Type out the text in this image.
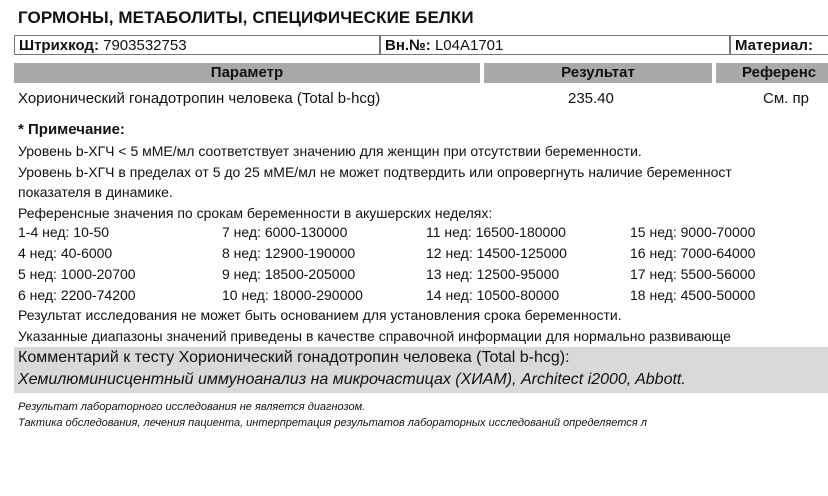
ГОРМОНЫ, МЕТАБОЛИТЫ, СПЕЦИФИЧЕСКИЕ БЕЛКИ
Штрихкод: 7903532753	Вн.№: L04A1701	Материал:
Параметр	Результат	Референс
Хорионический гонадотропин человека (Total b-hcg)	235.40	См. пр
* Примечание:
Уровень b-ХГЧ < 5 мМЕ/мл соответствует значению для женщин при отсутствии беременности.
Уровень b-ХГЧ в пределах от 5 до 25 мМЕ/мл не может подтвердить или опровергнуть наличие беременност
показателя в динамике.
Референсные значения по срокам беременности в акушерских неделях:
1-4 нед: 10-50	7 нед: 6000-130000	11 нед: 16500-180000	15 нед: 9000-70000
4 нед: 40-6000	8 нед: 12900-190000	12 нед: 14500-125000	16 нед: 7000-64000
5 нед: 1000-20700	9 нед: 18500-205000	13 нед: 12500-95000	17 нед: 5500-56000
6 нед: 2200-74200	10 нед: 18000-290000	14 нед: 10500-80000	18 нед: 4500-50000
Результат исследования не может быть основанием для установления срока беременности.
Указанные диапазоны значений приведены в качестве справочной информации для нормально развивающе
Комментарий к тесту Хорионический гонадотропин человека (Total b-hcg):
Хемилюминисцентный иммуноанализ на микрочастицах (ХИАМ), Architect i2000, Abbott.
Результат лабораторного исследования не является диагнозом.
Тактика обследования, лечения пациента, интерпретация результатов лабораторных исследований определяется л
